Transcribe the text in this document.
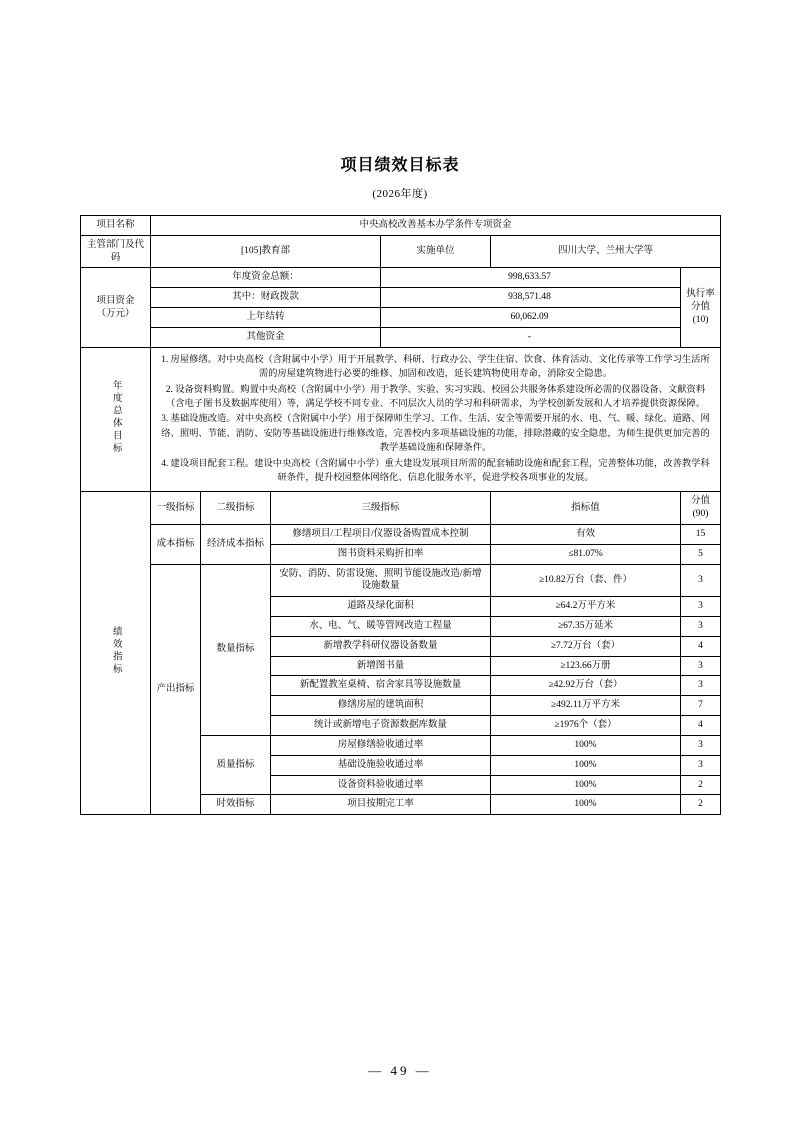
项目绩效目标表
(2026年度)
项目名称	中央高校改善基本办学条件专项资金					
主管部门及代码	[105]教育部			实施单位	四川大学、兰州大学等	

项目资金
（万元）
	年度资金总额：	998,633.57	
执行率
分值
(10)

	其中：财政拨款			938,571.48		
	上年结转			60,062.09		
	其他资金			-		
年度总体目标	1. 房屋修缮。对中央高校（含附属中小学）用于开展教学、科研、行政办公、学生住宿、饮食、体育活动、文化传承等工作学习生活所需的房屋建筑物进行必要的维修、加固和改造，延长建筑物使用寿命，消除安全隐患。

2. 设备资料购置。购置中央高校（含附属中小学）用于教学、实验、实习实践、校园公共服务体系建设所必需的仪器设备、文献资料（含电子图书及数据库使用）等，满足学校不同专业、不同层次人员的学习和科研需求，为学校创新发展和人才培养提供资源保障。

3. 基础设施改造。对中央高校（含附属中小学）用于保障师生学习、工作、生活、安全等需要开展的水、电、气、暖、绿化、道路、网络、照明、节能、消防、安防等基础设施进行维修改造，完善校内多项基础设施的功能，排除潜藏的安全隐患，为师生提供更加完善的教学基础设施和保障条件。

4. 建设项目配套工程。建设中央高校（含附属中小学）重大建设发展项目所需的配套辅助设施和配套工程，完善整体功能，改善教学科研条件，提升校园整体网络化、信息化服务水平，促进学校各项事业的发展。					

绩效指标	一级指标	二级指标	三级指标		指标值	分值
(90)

	成本指标	经济成本指标	修缮项目/工程项目/仪器设备购置成本控制		有效	15
			图书资料采购折扣率		≤81.07%	5
	产出指标	数量指标	安防、消防、防雷设施、照明节能设施改造/新增设施数量		≥10.82万台（套、件）	3
			道路及绿化面积		≥64.2万平方米	3
			水、电、气、暖等管网改造工程量		≥67.35万延米	3
			新增教学科研仪器设备数量		≥7.72万台（套）	4
			新增图书量		≥123.66万册	3
			新配置教室桌椅、宿舍家具等设施数量		≥42.92万台（套）	3
			修缮房屋的建筑面积		≥492.11万平方米	7
			统计或新增电子资源数据库数量		≥1976个（套）	4
		质量指标	房屋修缮验收通过率		100%	3
			基础设施验收通过率		100%	3
			设备资料验收通过率		100%	2
		时效指标	项目按期完工率		100%	2
— 49 —
